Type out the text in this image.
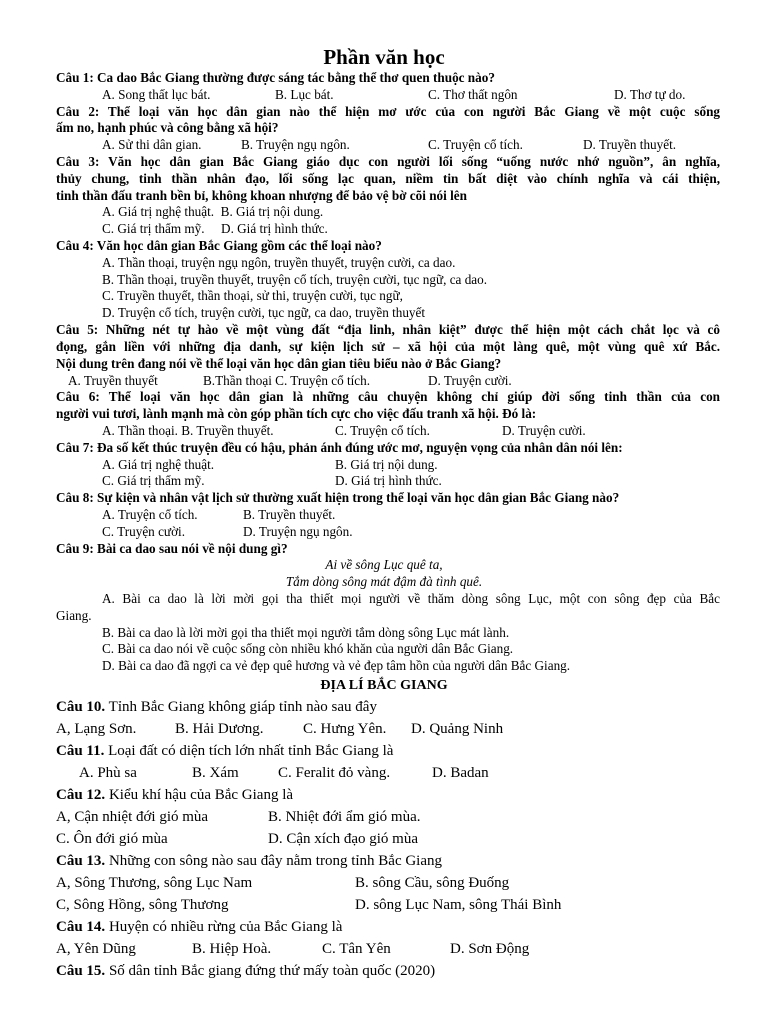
Phần văn học
Câu 1: Ca dao Bắc Giang thường được sáng tác bằng thể thơ quen thuộc nào?
A. Song thất lục bát.	B. Lục bát.	C. Thơ thất ngôn	D. Thơ tự do.
Câu 2: Thể loại văn học dân gian nào thể hiện mơ ước của con người Bắc Giang về một cuộc sống
ấm no, hạnh phúc và công bằng xã hội?
A. Sử thi dân gian.	B. Truyện ngụ ngôn.	C. Truyện cổ tích.	D. Truyền thuyết.
Câu 3: Văn học dân gian Bắc Giang giáo dục con người lối sống “uống nước nhớ nguồn”, ân nghĩa,
thủy chung, tinh thần nhân đạo, lối sống lạc quan, niềm tin bất diệt vào chính nghĩa và cái thiện,
tinh thần đấu tranh bền bỉ, không khoan nhượng để bảo vệ bờ cõi nói lên
A. Giá trị nghệ thuật.  B. Giá trị nội dung.
C. Giá trị thẩm mỹ.     D. Giá trị hình thức.
Câu 4: Văn học dân gian Bắc Giang gồm các thể loại nào?
A. Thần thoại, truyện ngụ ngôn, truyền thuyết, truyện cười, ca dao.
B. Thần thoại, truyền thuyết, truyện cổ tích, truyện cười, tục ngữ, ca dao.
C. Truyền thuyết, thần thoại, sử thi, truyện cười, tục ngữ,
D. Truyện cổ tích, truyện cười, tục ngữ, ca dao, truyền thuyết
Câu 5: Những nét tự hào về một vùng đất “địa linh, nhân kiệt” được thể hiện một cách chắt lọc và cô
đọng, gắn liền với những địa danh, sự kiện lịch sử – xã hội của một làng quê, một vùng quê xứ Bắc.
Nội dung trên đang nói về thể loại văn học dân gian tiêu biểu nào ở Bắc Giang?
A. Truyền thuyết	B.Thần thoại C. Truyện cổ tích.	D. Truyện cười.
Câu 6: Thể loại văn học dân gian là những câu chuyện không chỉ giúp đời sống tinh thần của con
người vui tươi, lành mạnh mà còn góp phần tích cực cho việc đấu tranh xã hội. Đó là:
A. Thần thoại. B. Truyền thuyết.	C. Truyện cổ tích.	D. Truyện cười.
Câu 7: Đa số kết thúc truyện đều có hậu, phản ánh đúng ước mơ, nguyện vọng của nhân dân nói lên:
A. Giá trị nghệ thuật.	B. Giá trị nội dung.
C. Giá trị thẩm mỹ.	D. Giá trị hình thức.
Câu 8: Sự kiện và nhân vật lịch sử thường xuất hiện trong thể loại văn học dân gian Bắc Giang nào?
A. Truyện cổ tích.	B. Truyền thuyết.
C. Truyện cười.	D. Truyện ngụ ngôn.
Câu 9: Bài ca dao sau nói về nội dung gì?
Ai về sông Lục quê ta,
Tắm dòng sông mát đậm đà tình quê.
A. Bài ca dao là lời mời gọi tha thiết mọi người về thăm dòng sông Lục, một con sông đẹp của Bắc
Giang.
B. Bài ca dao là lời mời gọi tha thiết mọi người tắm dòng sông Lục mát lành.
C. Bài ca dao nói về cuộc sống còn nhiều khó khăn của người dân Bắc Giang.
D. Bài ca dao đã ngợi ca vẻ đẹp quê hương và vẻ đẹp tâm hồn của người dân Bắc Giang.
ĐỊA LÍ BẮC GIANG
Câu 10. Tỉnh Bắc Giang không giáp tỉnh nào sau đây
A, Lạng Sơn.	B. Hải Dương.	C. Hưng Yên. D. Quảng Ninh
Câu 11. Loại đất có diện tích lớn nhất tỉnh Bắc Giang là
A. Phù sa	B. Xám	C. Feralit đỏ vàng.	D. Badan
Câu 12. Kiểu khí hậu của Bắc Giang là
A, Cận nhiệt đới gió mùa	B. Nhiệt đới ẩm gió mùa.
C. Ôn đới gió mùa	D. Cận xích đạo gió mùa
Câu 13. Những con sông nào sau đây nằm trong tỉnh Bắc Giang
A, Sông Thương, sông Lục Nam	B. sông Cầu, sông Đuống
C, Sông Hồng, sông Thương	D. sông Lục Nam, sông Thái Bình
Câu 14. Huyện có nhiều rừng của Bắc Giang là
A, Yên Dũng	B. Hiệp Hoà.	C. Tân Yên	D. Sơn Động
Câu 15. Số dân tỉnh Bắc giang đứng thứ mấy toàn quốc (2020)
